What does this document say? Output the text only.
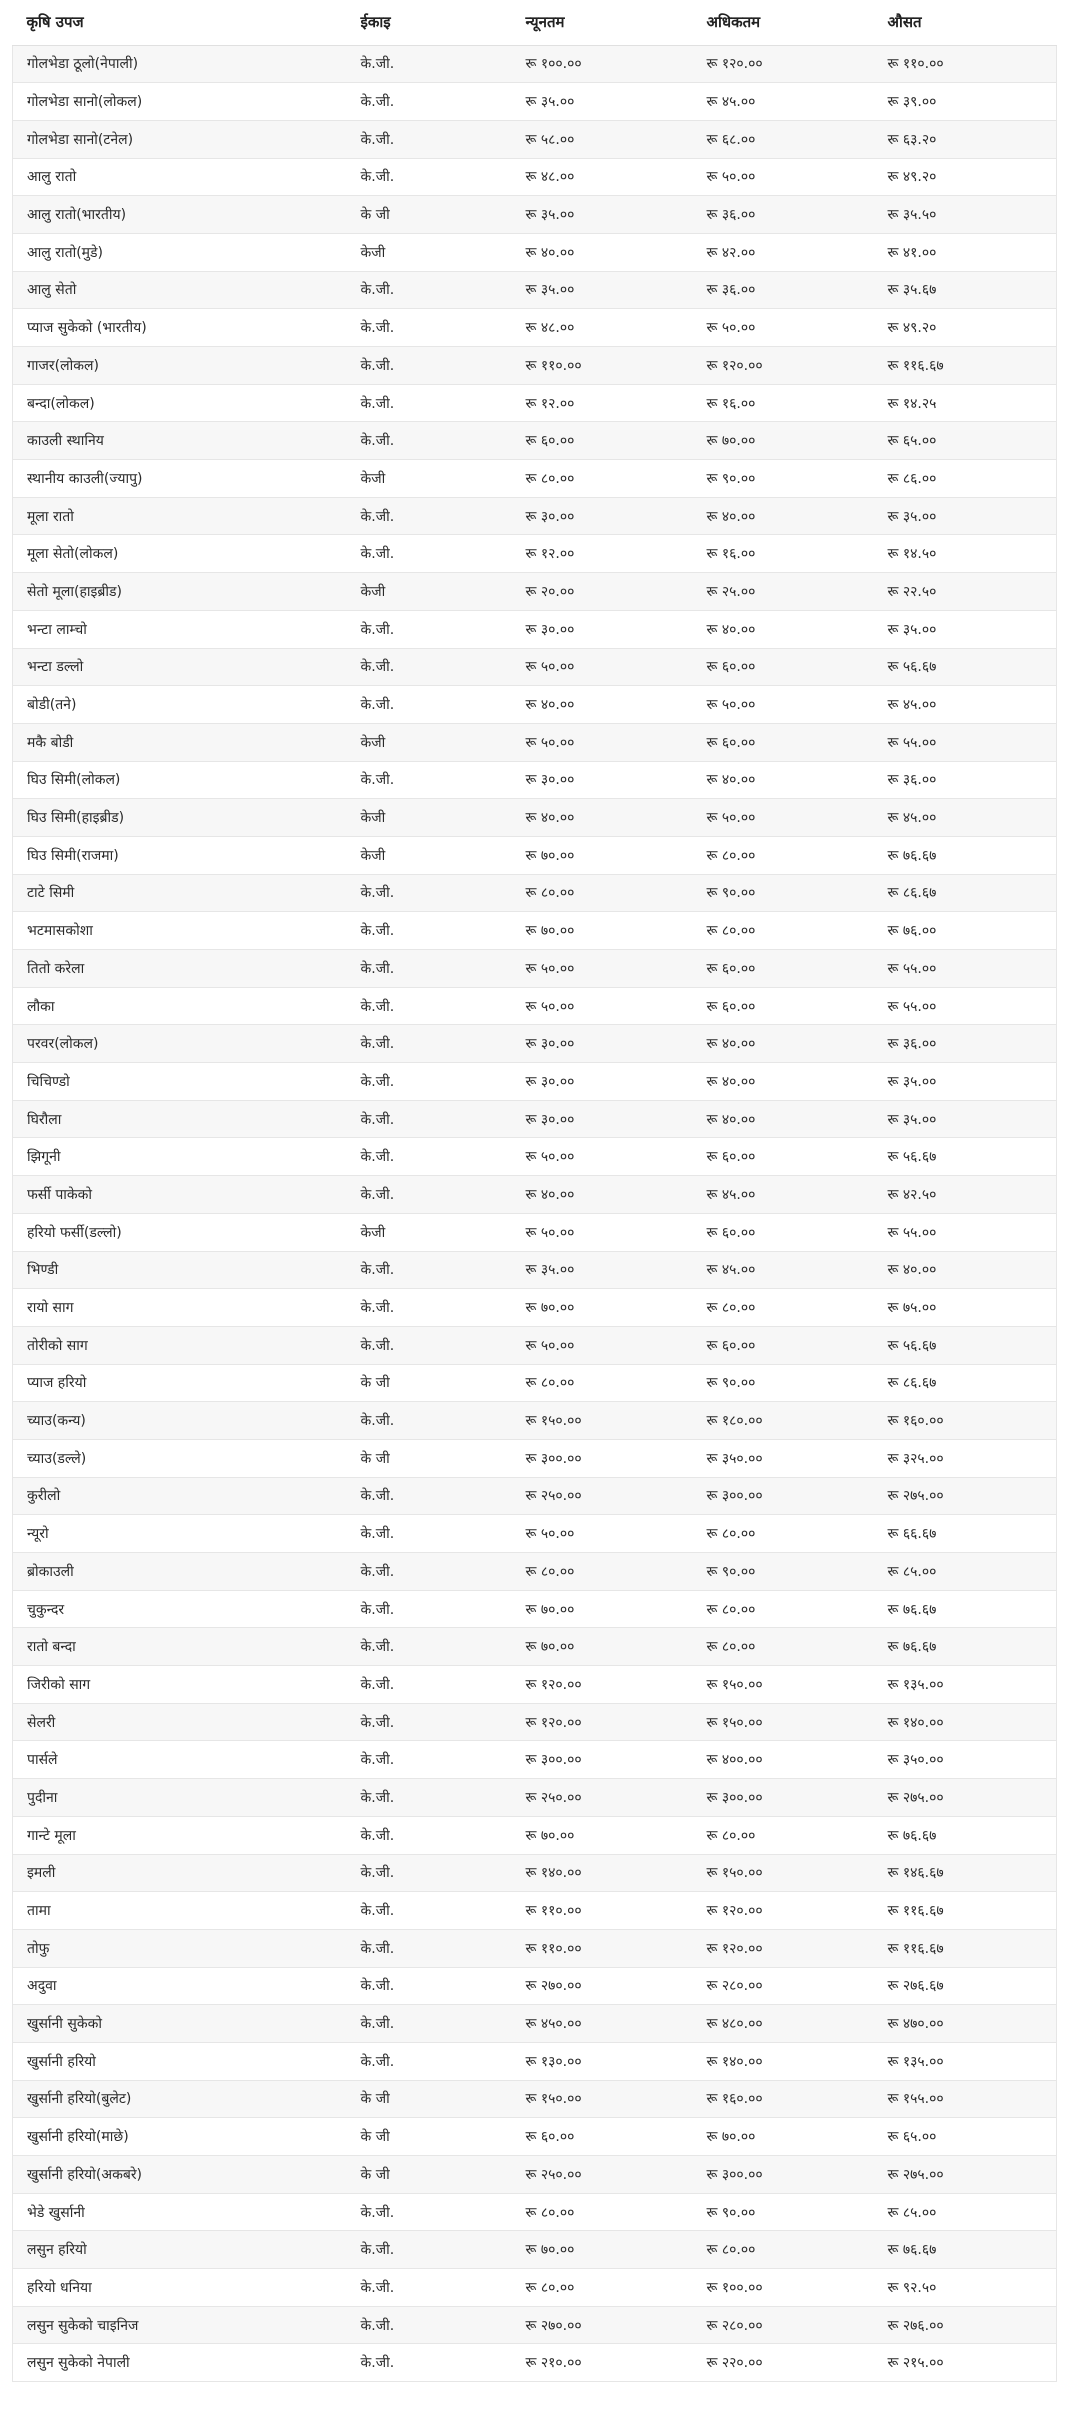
कृषि उपज	ईकाइ	न्यूनतम	अधिकतम	औसत
गोलभेडा ठूलो(नेपाली)	के.जी.	रू १००.००	रू १२०.००	रू ११०.००
गोलभेडा सानो(लोकल)	के.जी.	रू ३५.००	रू ४५.००	रू ३९.००
गोलभेडा सानो(टनेल)	के.जी.	रू ५८.००	रू ६८.००	रू ६३.२०
आलु रातो	के.जी.	रू ४८.००	रू ५०.००	रू ४९.२०
आलु रातो(भारतीय)	के जी	रू ३५.००	रू ३६.००	रू ३५.५०
आलु रातो(मुडे)	केजी	रू ४०.००	रू ४२.००	रू ४१.००
आलु सेतो	के.जी.	रू ३५.००	रू ३६.००	रू ३५.६७
प्याज सुकेको (भारतीय)	के.जी.	रू ४८.००	रू ५०.००	रू ४९.२०
गाजर(लोकल)	के.जी.	रू ११०.००	रू १२०.००	रू ११६.६७
बन्दा(लोकल)	के.जी.	रू १२.००	रू १६.००	रू १४.२५
काउली स्थानिय	के.जी.	रू ६०.००	रू ७०.००	रू ६५.००
स्थानीय काउली(ज्यापु)	केजी	रू ८०.००	रू ९०.००	रू ८६.००
मूला रातो	के.जी.	रू ३०.००	रू ४०.००	रू ३५.००
मूला सेतो(लोकल)	के.जी.	रू १२.००	रू १६.००	रू १४.५०
सेतो मूला(हाइब्रीड)	केजी	रू २०.००	रू २५.००	रू २२.५०
भन्टा लाम्चो	के.जी.	रू ३०.००	रू ४०.००	रू ३५.००
भन्टा डल्लो	के.जी.	रू ५०.००	रू ६०.००	रू ५६.६७
बोडी(तने)	के.जी.	रू ४०.००	रू ५०.००	रू ४५.००
मकै बोडी	केजी	रू ५०.००	रू ६०.००	रू ५५.००
घिउ सिमी(लोकल)	के.जी.	रू ३०.००	रू ४०.००	रू ३६.००
घिउ सिमी(हाइब्रीड)	केजी	रू ४०.००	रू ५०.००	रू ४५.००
घिउ सिमी(राजमा)	केजी	रू ७०.००	रू ८०.००	रू ७६.६७
टाटे सिमी	के.जी.	रू ८०.००	रू ९०.००	रू ८६.६७
भटमासकोशा	के.जी.	रू ७०.००	रू ८०.००	रू ७६.००
तितो करेला	के.जी.	रू ५०.००	रू ६०.००	रू ५५.००
लौका	के.जी.	रू ५०.००	रू ६०.००	रू ५५.००
परवर(लोकल)	के.जी.	रू ३०.००	रू ४०.००	रू ३६.००
चिचिण्डो	के.जी.	रू ३०.००	रू ४०.००	रू ३५.००
घिरौला	के.जी.	रू ३०.००	रू ४०.००	रू ३५.००
झिगूनी	के.जी.	रू ५०.००	रू ६०.००	रू ५६.६७
फर्सी पाकेको	के.जी.	रू ४०.००	रू ४५.००	रू ४२.५०
हरियो फर्सी(डल्लो)	केजी	रू ५०.००	रू ६०.००	रू ५५.००
भिण्डी	के.जी.	रू ३५.००	रू ४५.००	रू ४०.००
रायो साग	के.जी.	रू ७०.००	रू ८०.००	रू ७५.००
तोरीको साग	के.जी.	रू ५०.००	रू ६०.००	रू ५६.६७
प्याज हरियो	के जी	रू ८०.००	रू ९०.००	रू ८६.६७
च्याउ(कन्य)	के.जी.	रू १५०.००	रू १८०.००	रू १६०.००
च्याउ(डल्ले)	के जी	रू ३००.००	रू ३५०.००	रू ३२५.००
कुरीलो	के.जी.	रू २५०.००	रू ३००.००	रू २७५.००
न्यूरो	के.जी.	रू ५०.००	रू ८०.००	रू ६६.६७
ब्रोकाउली	के.जी.	रू ८०.००	रू ९०.००	रू ८५.००
चुकुन्दर	के.जी.	रू ७०.००	रू ८०.००	रू ७६.६७
रातो बन्दा	के.जी.	रू ७०.००	रू ८०.००	रू ७६.६७
जिरीको साग	के.जी.	रू १२०.००	रू १५०.००	रू १३५.००
सेलरी	के.जी.	रू १२०.००	रू १५०.००	रू १४०.००
पार्सले	के.जी.	रू ३००.००	रू ४००.००	रू ३५०.००
पुदीना	के.जी.	रू २५०.००	रू ३००.००	रू २७५.००
गान्टे मूला	के.जी.	रू ७०.००	रू ८०.००	रू ७६.६७
इमली	के.जी.	रू १४०.००	रू १५०.००	रू १४६.६७
तामा	के.जी.	रू ११०.००	रू १२०.००	रू ११६.६७
तोफु	के.जी.	रू ११०.००	रू १२०.००	रू ११६.६७
अदुवा	के.जी.	रू २७०.००	रू २८०.००	रू २७६.६७
खुर्सानी सुकेको	के.जी.	रू ४५०.००	रू ४८०.००	रू ४७०.००
खुर्सानी हरियो	के.जी.	रू १३०.००	रू १४०.००	रू १३५.००
खुर्सानी हरियो(बुलेट)	के जी	रू १५०.००	रू १६०.००	रू १५५.००
खुर्सानी हरियो(माछे)	के जी	रू ६०.००	रू ७०.००	रू ६५.००
खुर्सानी हरियो(अकबरे)	के जी	रू २५०.००	रू ३००.००	रू २७५.००
भेडे खुर्सानी	के.जी.	रू ८०.००	रू ९०.००	रू ८५.००
लसुन हरियो	के.जी.	रू ७०.००	रू ८०.००	रू ७६.६७
हरियो धनिया	के.जी.	रू ८०.००	रू १००.००	रू ९२.५०
लसुन सुकेको चाइनिज	के.जी.	रू २७०.००	रू २८०.००	रू २७६.००
लसुन सुकेको नेपाली	के.जी.	रू २१०.००	रू २२०.००	रू २१५.००
